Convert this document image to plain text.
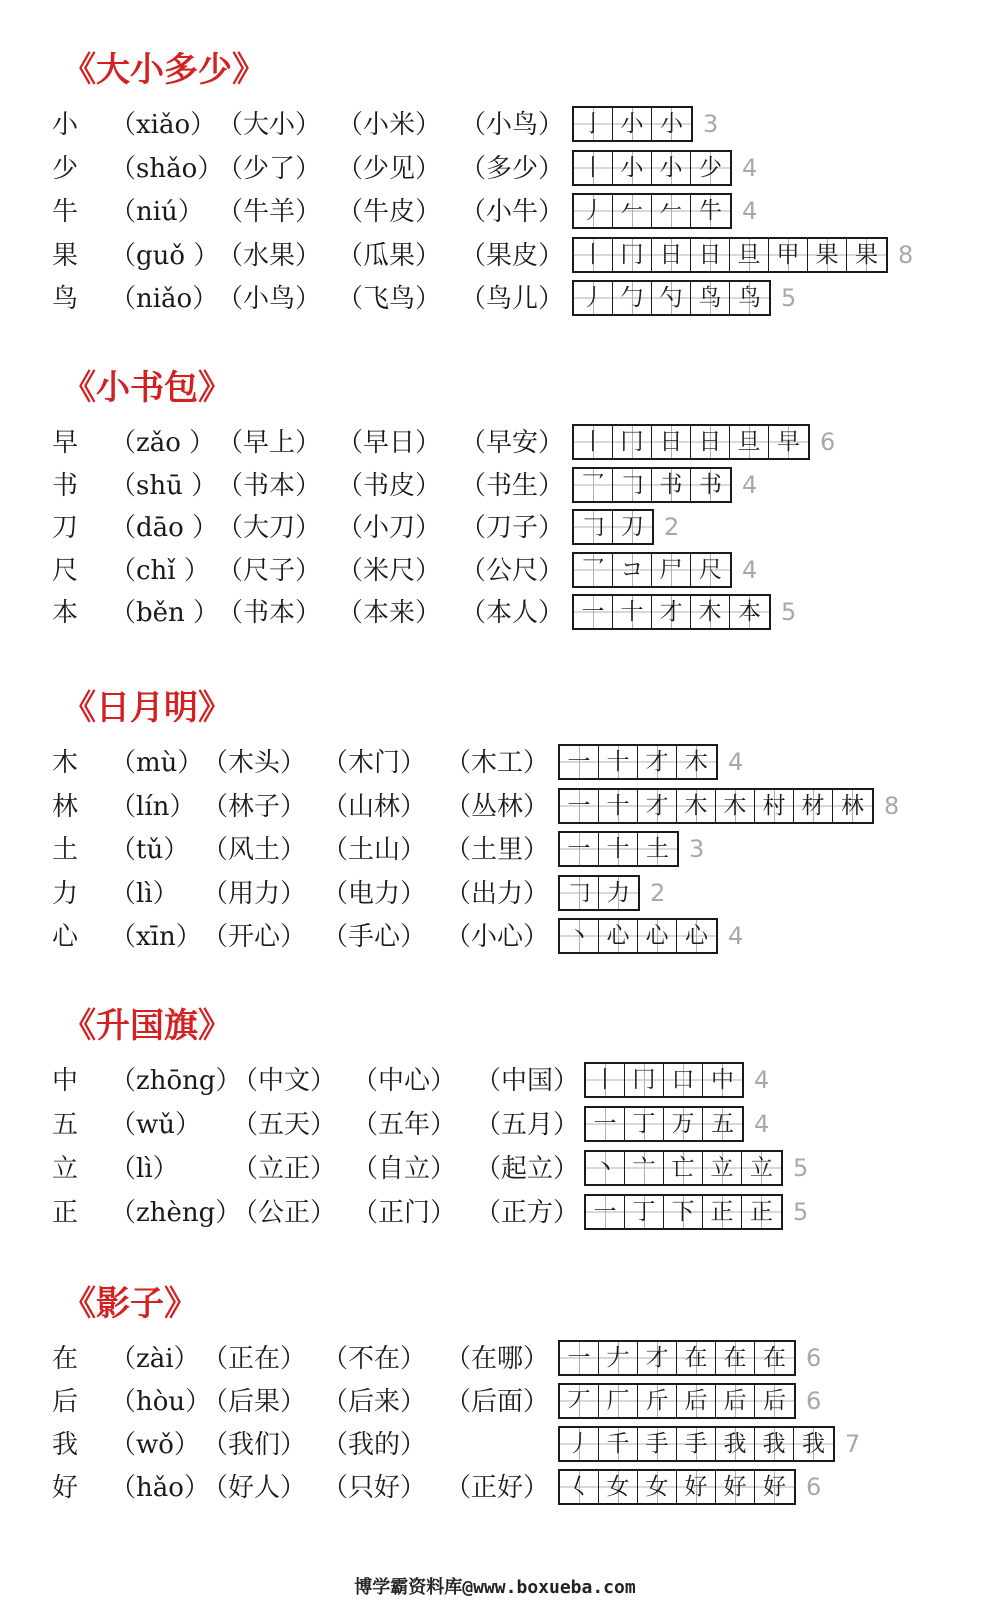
《大小多少》
小 （xiǎo） （大小） （小米） （小鸟） 亅 小 小 3
少 （shǎo）
（少了） （少见） （多少） 丨 小 小 少 4
牛 （niú） （牛羊） （牛皮） （小牛） 丿 𠂉 𠂉 牛 4
果 （guǒ ）
（水果） （瓜果） （果皮） 丨 冂 日 日 旦 甲 果 果 8
鸟 （niǎo）
（小鸟） （飞鸟） （鸟儿） 丿 勹 勺 鸟 鸟 5
《小书包》
早 （zǎo ） （早上） （早日） （早安） 丨 冂 日 日 旦 早 6
书 （shū ） （书本） （书皮） （书生） 乛 𠃌 书 书 4
刀 （dāo ）
（大刀） （小刀） （刀子） 𠃌 刀 2
尺 （chǐ ） （尺子） （米尺） （公尺） 乛 コ 尸 尺 4
本 （běn ）
（书本） （本来） （本人） 一 十 才 木 本 5
《日月明》
木 （mù）
（木头） （木门） （木工） 一 十 才 木 4
林 （lín） （林子） （山林） （丛林） 一 十 才 木 木 村 材 林 8
土 （tǔ） （风土） （土山） （土里） 一 十 土 3
力 （lì） （用力） （电力） （出力） 𠃌 力 2
心 （xīn） （开心） （手心） （小心） 丶 心 心 心 4
《升国旗》
中 （zhōng）
（中文） （中心） （中国） 丨 冂 口 中 4
五 （wǔ） （五天） （五年） （五月） 一 丁 万 五 4
立 （lì） （立正） （自立） （起立） 丶 亠 亡 立 立 5
正 （zhèng）
（公正） （正门） （正方） 一 丁 下 正 正 5
《影子》
在 （zài） （正在） （不在） （在哪） 一 𠂇 才 在 在 在 6
后 （hòu）
（后果） （后来） （后面） 丆 厂 斤 后 后 后 6
我 （wǒ） （我们） （我的）	丿 千 手 手 我 我 我 7
好 （hǎo）
（好人） （只好） （正好） 𡿨 女 女 好 好 好 6
博学霸资料库@www.boxueba.com
